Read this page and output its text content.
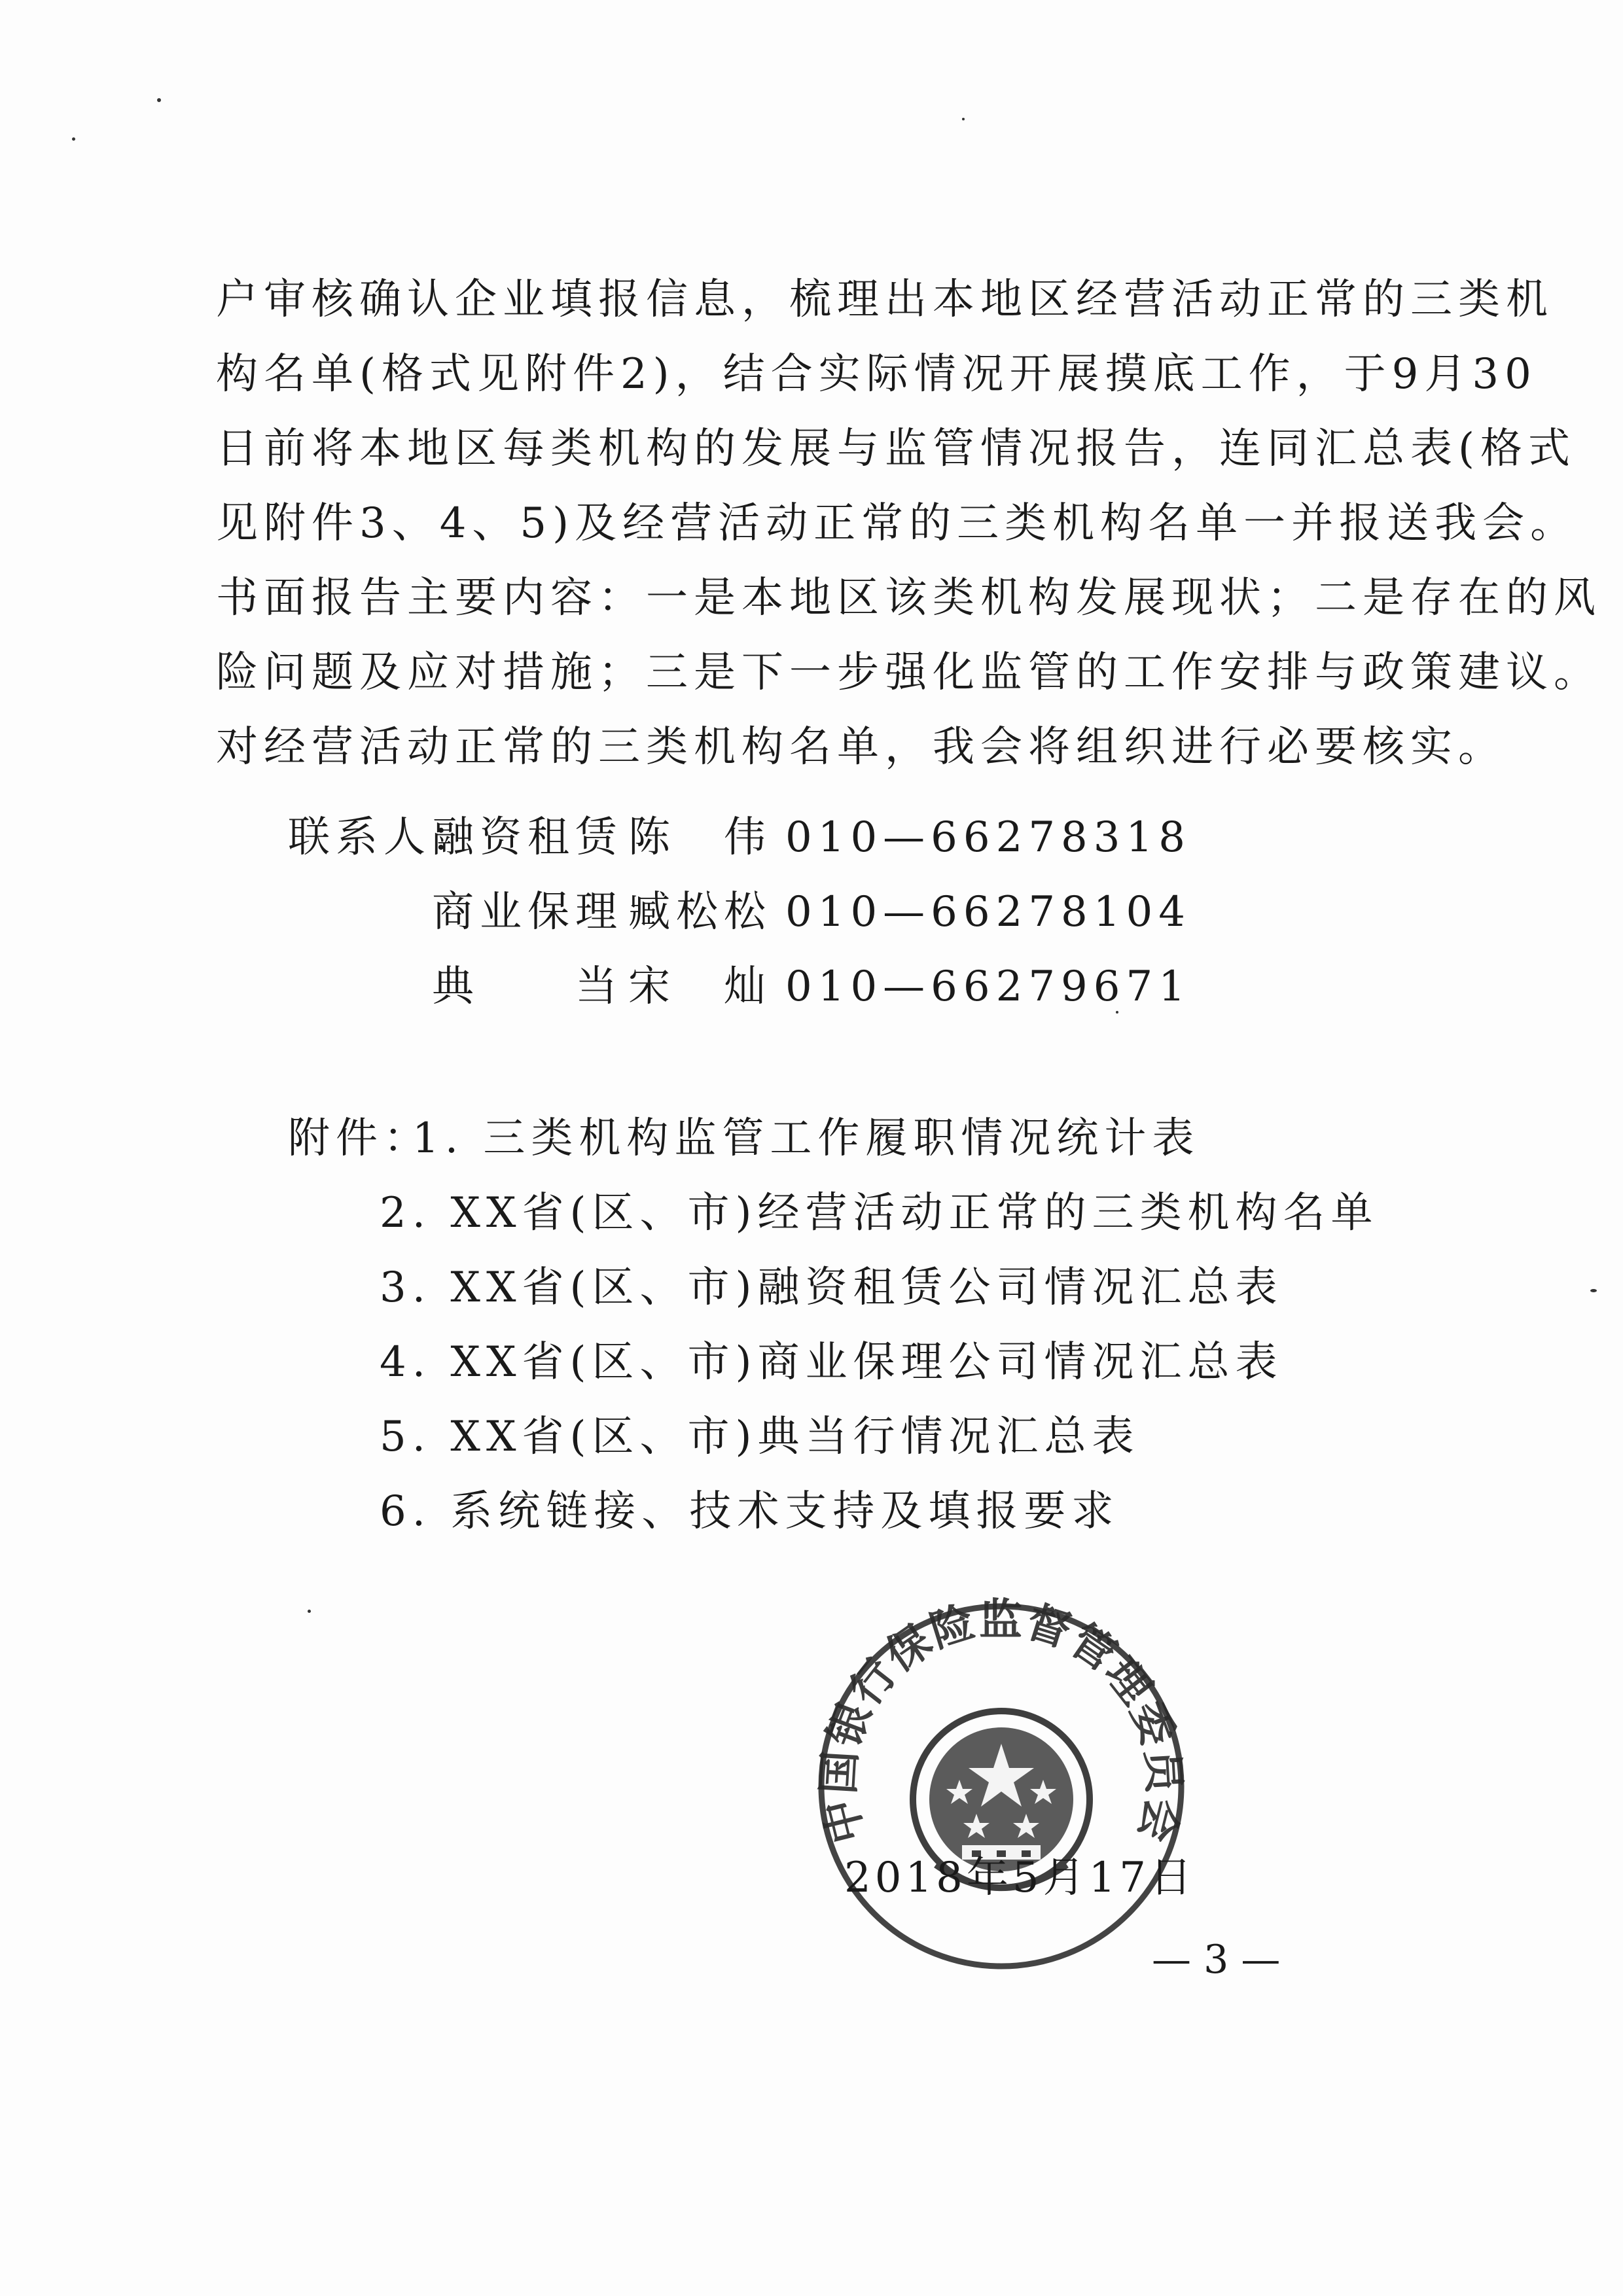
户审核确认企业填报信息，梳理出本地区经营活动正常的三类机
构名单(格式见附件2)，结合实际情况开展摸底工作，于9月30
日前将本地区每类机构的发展与监管情况报告，连同汇总表(格式
见附件3、4、5)及经营活动正常的三类机构名单一并报送我会。
书面报告主要内容：一是本地区该类机构发展现状；二是存在的风
险问题及应对措施；三是下一步强化监管的工作安排与政策建议。
对经营活动正常的三类机构名单，我会将组织进行必要核实。
联系人：
融资租赁 陈　伟 010—66278318
商业保理 臧松松 010—66278104
典　　当 宋　灿 010—66279671
附件：
1. 三类机构监管工作履职情况统计表
2. XX省(区、市)经营活动正常的三类机构名单
3. XX省(区、市)融资租赁公司情况汇总表
4. XX省(区、市)商业保理公司情况汇总表
5. XX省(区、市)典当行情况汇总表
6. 系统链接、技术支持及填报要求
中国银行保险监督管理委员会
2018年5月17日
— 3 —
